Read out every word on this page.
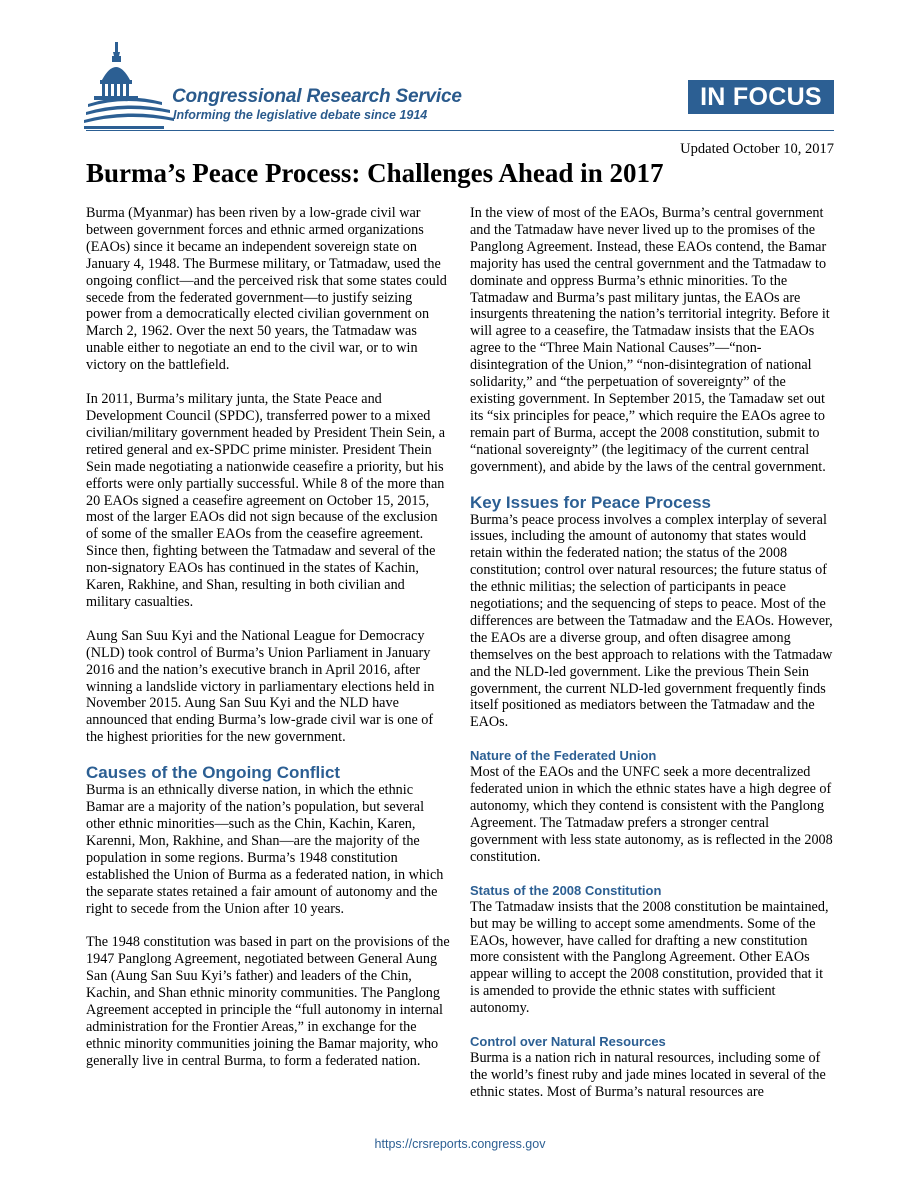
Congressional Research Service
Informing the legislative debate since 1914
IN FOCUS
Updated October 10, 2017
Burma’s Peace Process: Challenges Ahead in 2017

Burma (Myanmar) has been riven by a low-grade civil war between government forces and ethnic armed organizations (EAOs) since it became an independent sovereign state on January 4, 1948. The Burmese military, or Tatmadaw, used the ongoing conflict—and the perceived risk that some states could secede from the federated government—to justify seizing power from a democratically elected civilian government on March 2, 1962. Over the next 50 years, the Tatmadaw was unable either to negotiate an end to the civil war, or to win victory on the battlefield.

In 2011, Burma’s military junta, the State Peace and Development Council (SPDC), transferred power to a mixed civilian/military government headed by President Thein Sein, a retired general and ex-SPDC prime minister. President Thein Sein made negotiating a nationwide ceasefire a priority, but his efforts were only partially successful. While 8 of the more than 20 EAOs signed a ceasefire agreement on October 15, 2015, most of the larger EAOs did not sign because of the exclusion of some of the smaller EAOs from the ceasefire agreement. Since then, fighting between the Tatmadaw and several of the non-signatory EAOs has continued in the states of Kachin, Karen, Rakhine, and Shan, resulting in both civilian and military casualties.

Aung San Suu Kyi and the National League for Democracy (NLD) took control of Burma’s Union Parliament in January 2016 and the nation’s executive branch in April 2016, after winning a landslide victory in parliamentary elections held in November 2015. Aung San Suu Kyi and the NLD have announced that ending Burma’s low-grade civil war is one of the highest priorities for the new government.

Causes of the Ongoing Conflict

Burma is an ethnically diverse nation, in which the ethnic Bamar are a majority of the nation’s population, but several other ethnic minorities—such as the Chin, Kachin, Karen, Karenni, Mon, Rakhine, and Shan—are the majority of the population in some regions. Burma’s 1948 constitution established the Union of Burma as a federated nation, in which the separate states retained a fair amount of autonomy and the right to secede from the Union after 10 years.

The 1948 constitution was based in part on the provisions of the 1947 Panglong Agreement, negotiated between General Aung San (Aung San Suu Kyi’s father) and leaders of the Chin, Kachin, and Shan ethnic minority communities. The Panglong Agreement accepted in principle the “full autonomy in internal administration for the Frontier Areas,” in exchange for the ethnic minority communities joining the Bamar majority, who generally live in central Burma, to form a federated nation.

In the view of most of the EAOs, Burma’s central government and the Tatmadaw have never lived up to the promises of the Panglong Agreement. Instead, these EAOs contend, the Bamar majority has used the central government and the Tatmadaw to dominate and oppress Burma’s ethnic minorities. To the Tatmadaw and Burma’s past military juntas, the EAOs are insurgents threatening the nation’s territorial integrity. Before it will agree to a ceasefire, the Tatmadaw insists that the EAOs agree to the “Three Main National Causes”—“non-disintegration of the Union,” “non-disintegration of national solidarity,” and “the perpetuation of sovereignty” of the existing government. In September 2015, the Tamadaw set out its “six principles for peace,” which require the EAOs agree to remain part of Burma, accept the 2008 constitution, submit to “national sovereignty” (the legitimacy of the current central government), and abide by the laws of the central government.

Key Issues for Peace Process

Burma’s peace process involves a complex interplay of several issues, including the amount of autonomy that states would retain within the federated nation; the status of the 2008 constitution; control over natural resources; the future status of the ethnic militias; the selection of participants in peace negotiations; and the sequencing of steps to peace. Most of the differences are between the Tatmadaw and the EAOs. However, the EAOs are a diverse group, and often disagree among themselves on the best approach to relations with the Tatmadaw and the NLD-led government. Like the previous Thein Sein government, the current NLD-led government frequently finds itself positioned as mediators between the Tatmadaw and the EAOs.

Nature of the Federated Union

Most of the EAOs and the UNFC seek a more decentralized federated union in which the ethnic states have a high degree of autonomy, which they contend is consistent with the Panglong Agreement. The Tatmadaw prefers a stronger central government with less state autonomy, as is reflected in the 2008 constitution.

Status of the 2008 Constitution

The Tatmadaw insists that the 2008 constitution be maintained, but may be willing to accept some amendments. Some of the EAOs, however, have called for drafting a new constitution more consistent with the Panglong Agreement. Other EAOs appear willing to accept the 2008 constitution, provided that it is amended to provide the ethnic states with sufficient autonomy.

Control over Natural Resources

Burma is a nation rich in natural resources, including some of the world’s finest ruby and jade mines located in several of the ethnic states. Most of Burma’s natural resources are

https://crsreports.congress.gov
